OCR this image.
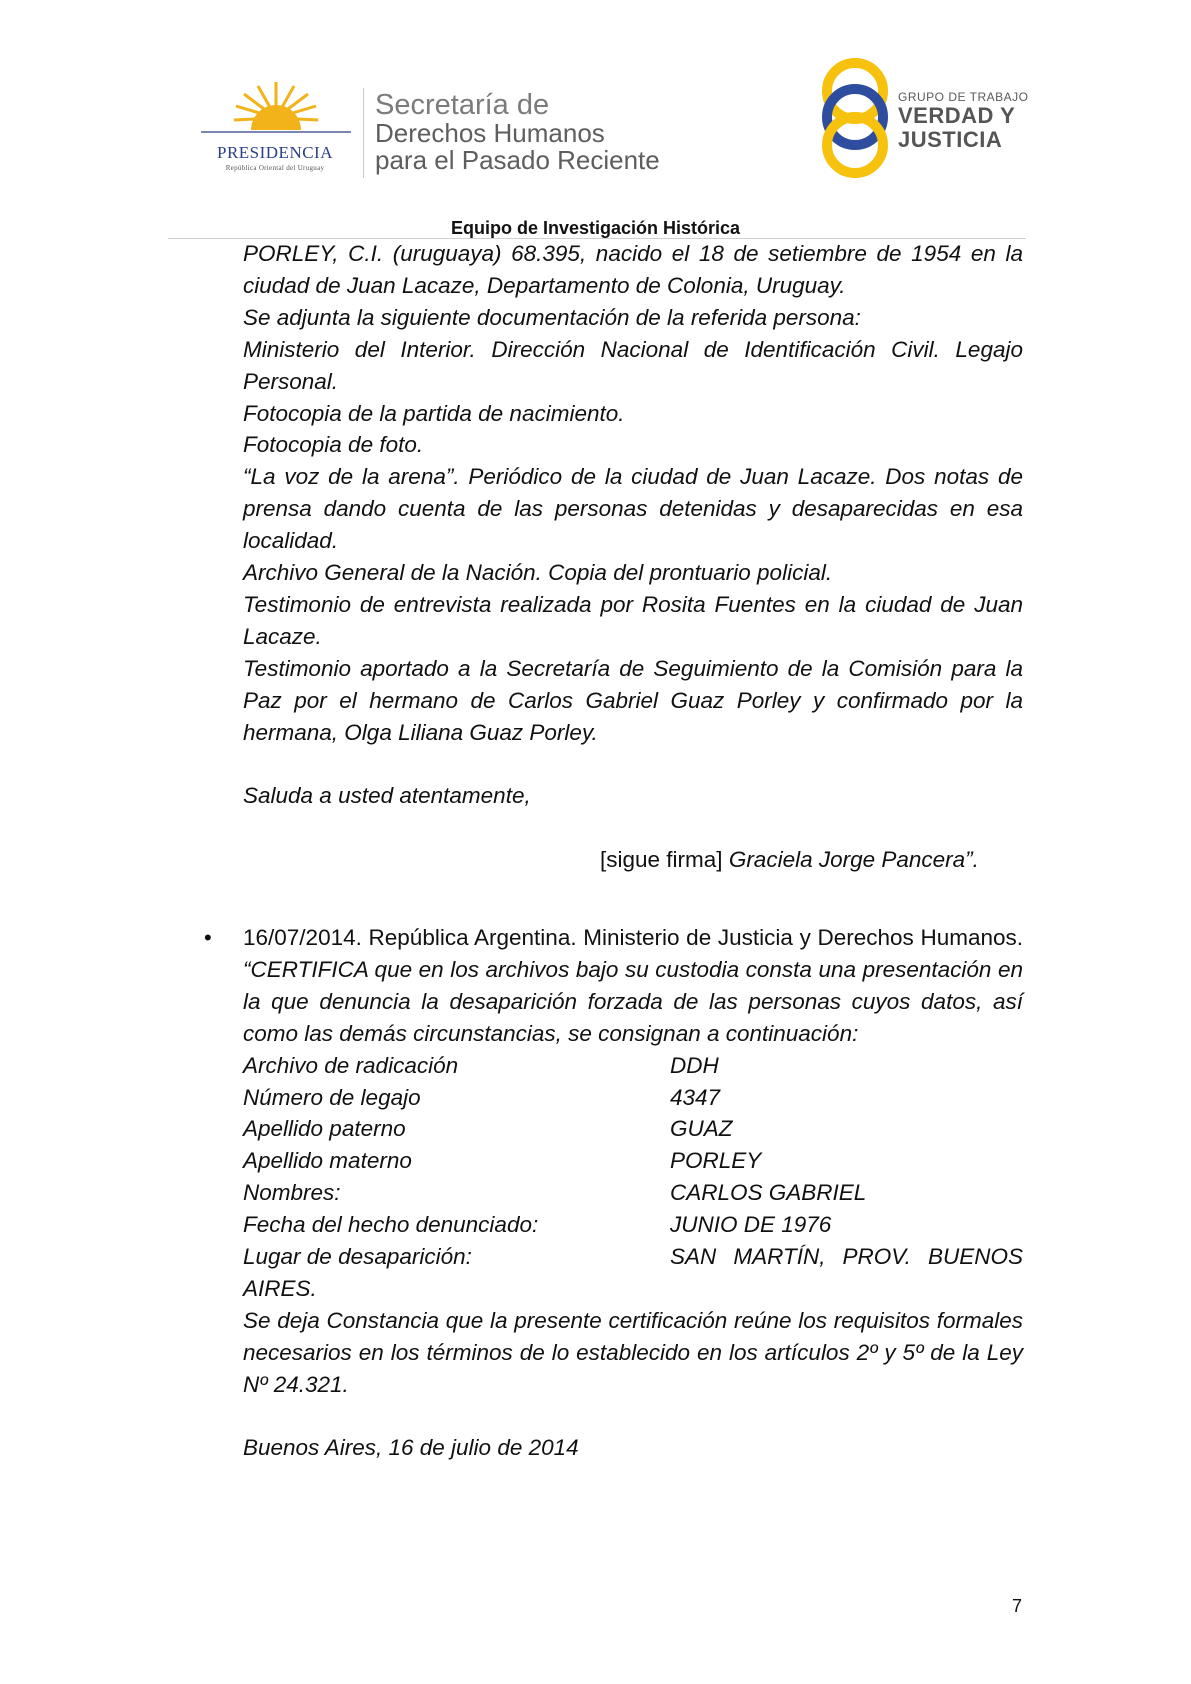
PRESIDENCIA
República Oriental del Uruguay
Secretaría de
Derechos Humanos
para el Pasado Reciente
GRUPO DE TRABAJO
VERDAD Y
JUSTICIA
Equipo de Investigación Histórica

PORLEY, C.I. (uruguaya) 68.395, nacido el 18 de setiembre de 1954 en la ciudad de Juan Lacaze, Departamento de Colonia, Uruguay.

Se adjunta la siguiente documentación de la referida persona:

Ministerio del Interior. Dirección Nacional de Identificación Civil. Legajo Personal.

Fotocopia de la partida de nacimiento.

Fotocopia de foto.

“La voz de la arena”. Periódico de la ciudad de Juan Lacaze. Dos notas de prensa dando cuenta de las personas detenidas y desaparecidas en esa localidad.

Archivo General de la Nación. Copia del prontuario policial.

Testimonio de entrevista realizada por Rosita Fuentes en la ciudad de Juan Lacaze.

Testimonio aportado a la Secretaría de Seguimiento de la Comisión para la Paz por el hermano de Carlos Gabriel Guaz Porley y confirmado por la hermana, Olga Liliana Guaz Porley.

Saluda a usted atentamente,

[sigue firma] Graciela Jorge Pancera”.

• 16/07/2014. República Argentina. Ministerio de Justicia y Derechos Humanos. “CERTIFICA que en los archivos bajo su custodia consta una presentación en la que denuncia la desaparición forzada de las personas cuyos datos, así como las demás circunstancias, se consignan a continuación:

Archivo de radicación	DDH
Número de legajo	4347
Apellido paterno	GUAZ
Apellido materno	PORLEY
Nombres:	CARLOS GABRIEL
Fecha del hecho denunciado:	JUNIO DE 1976
Lugar de desaparición:	SAN MARTÍN, PROV. BUENOS

AIRES.

Se deja Constancia que la presente certificación reúne los requisitos formales necesarios en los términos de lo establecido en los artículos 2º y 5º de la Ley Nº 24.321.

Buenos Aires, 16 de julio de 2014

7
